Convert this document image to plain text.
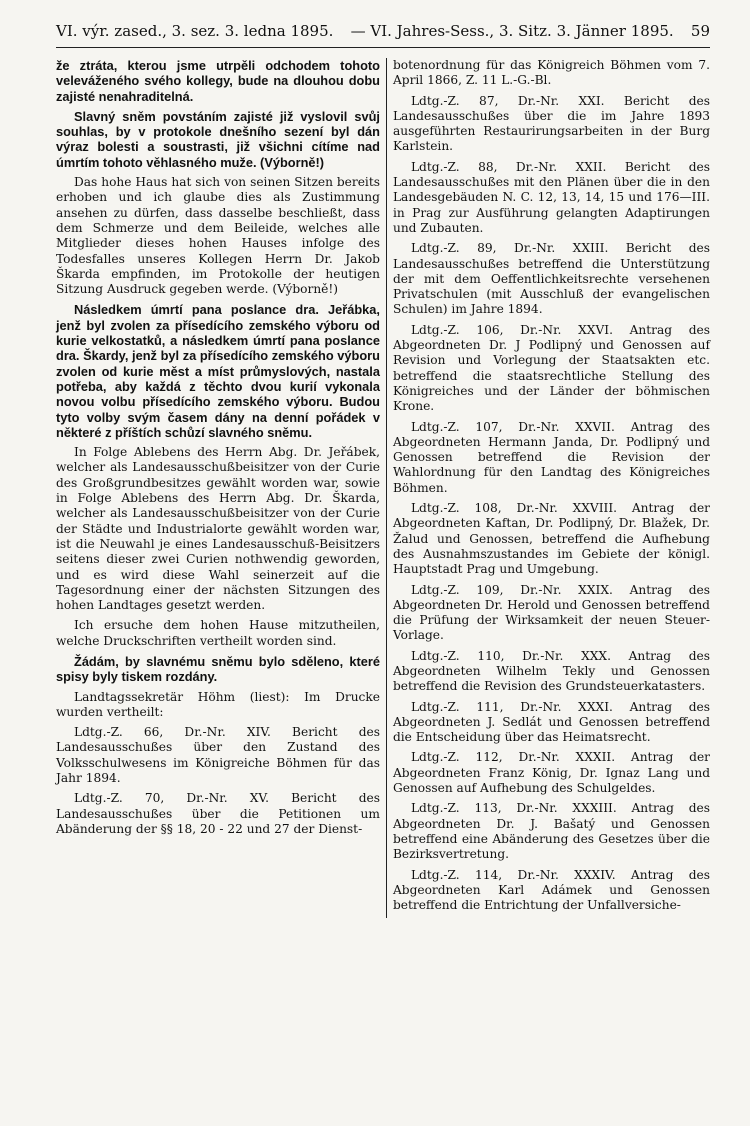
VI. výr. zased., 3. sez. 3. ledna 1895.	— VI. Jahres-Sess., 3. Sitz. 3. Jänner 1895.	59

že ztráta, kterou jsme utrpěli odchodem tohoto veleváženého svého kollegy, bude na dlouhou dobu zajisté nenahraditelná.

Slavný sněm povstáním zajisté již vyslovil svůj souhlas, by v protokole dnešního sezení byl dán výraz bolesti a soustrasti, již všichni cítíme nad úmrtím tohoto věhlasného muže. (Výborně!)

Das hohe Haus hat sich von seinen Sitzen bereits erhoben und ich glaube dies als Zustimmung ansehen zu dürfen, dass dasselbe beschließt, dass dem Schmerze und dem Beileide, welches alle Mitglieder dieses hohen Hauses infolge des Todesfalles unseres Kollegen Herrn Dr. Jakob Škarda empfinden, im Protokolle der heutigen Sitzung Ausdruck gegeben werde. (Výborně!)

Následkem úmrtí pana poslance dra. Jeřábka, jenž byl zvolen za přísedícího zemského výboru od kurie velkostatků, a následkem úmrtí pana poslance dra. Škardy, jenž byl za přísedícího zemského výboru zvolen od kurie měst a míst průmyslových, nastala potřeba, aby každá z těchto dvou kurií vykonala novou volbu přísedícího zemského výboru. Budou tyto volby svým časem dány na denní pořádek v některé z příštích schůzí slavného sněmu.

In Folge Ablebens des Herrn Abg. Dr. Jeřábek, welcher als Landesausschußbeisitzer von der Curie des Großgrundbesitzes gewählt worden war, sowie in Folge Ablebens des Herrn Abg. Dr. Škarda, welcher als Landesausschußbeisitzer von der Curie der Städte und Industrialorte gewählt worden war, ist die Neuwahl je eines Landesausschuß-Beisitzers seitens dieser zwei Curien nothwendig geworden, und es wird diese Wahl seinerzeit auf die Tagesordnung einer der nächsten Sitzungen des hohen Landtages gesetzt werden.

Ich ersuche dem hohen Hause mitzutheilen, welche Druckschriften vertheilt worden sind.

Žádám, by slavnému sněmu bylo sděleno, které spisy byly tiskem rozdány.

Landtagssekretär Höhm (liest): Im Drucke wurden vertheilt:

Ldtg.-Z. 66, Dr.-Nr. XIV. Bericht des Landesausschußes über den Zustand des Volksschulwesens im Königreiche Böhmen für das Jahr 1894.

Ldtg.-Z. 70, Dr.-Nr. XV. Bericht des Landesausschußes über die Petitionen um Abänderung der §§ 18, 20 - 22 und 27 der Dienst-

botenordnung für das Königreich Böhmen vom 7. April 1866, Z. 11 L.-G.-Bl.

Ldtg.-Z. 87, Dr.-Nr. XXI. Bericht des Landesausschußes über die im Jahre 1893 ausgeführten Restaurirungsarbeiten in der Burg Karlstein.

Ldtg.-Z. 88, Dr.-Nr. XXII. Bericht des Landesausschußes mit den Plänen über die in den Landesgebäuden N. C. 12, 13, 14, 15 und 176—III. in Prag zur Ausführung gelangten Adaptirungen und Zubauten.

Ldtg.-Z. 89, Dr.-Nr. XXIII. Bericht des Landesausschußes betreffend die Unterstützung der mit dem Oeffentlichkeitsrechte versehenen Privatschulen (mit Ausschluß der evangelischen Schulen) im Jahre 1894.

Ldtg.-Z. 106, Dr.-Nr. XXVI. Antrag des Abgeordneten Dr. J Podlipný und Genossen auf Revision und Vorlegung der Staatsakten etc. betreffend die staatsrechtliche Stellung des Königreiches und der Länder der böhmischen Krone.

Ldtg.-Z. 107, Dr.-Nr. XXVII. Antrag des Abgeordneten Hermann Janda, Dr. Podlipný und Genossen betreffend die Revision der Wahlordnung für den Landtag des Königreiches Böhmen.

Ldtg.-Z. 108, Dr.-Nr. XXVIII. Antrag der Abgeordneten Kaftan, Dr. Podlipný, Dr. Blažek, Dr. Žalud und Genossen, betreffend die Aufhebung des Ausnahmszustandes im Gebiete der königl. Hauptstadt Prag und Umgebung.

Ldtg.-Z. 109, Dr.-Nr. XXIX. Antrag des Abgeordneten Dr. Herold und Genossen betreffend die Prüfung der Wirksamkeit der neuen Steuer-Vorlage.

Ldtg.-Z. 110, Dr.-Nr. XXX. Antrag des Abgeordneten Wilhelm Tekly und Genossen betreffend die Revision des Grundsteuerkatasters.

Ldtg.-Z. 111, Dr.-Nr. XXXI. Antrag des Abgeordneten J. Sedlát und Genossen betreffend die Entscheidung über das Heimatsrecht.

Ldtg.-Z. 112, Dr.-Nr. XXXII. Antrag der Abgeordneten Franz König, Dr. Ignaz Lang und Genossen auf Aufhebung des Schulgeldes.

Ldtg.-Z. 113, Dr.-Nr. XXXIII. Antrag des Abgeordneten Dr. J. Bašatý und Genossen betreffend eine Abänderung des Gesetzes über die Bezirksvertretung.

Ldtg.-Z. 114, Dr.-Nr. XXXIV. Antrag des Abgeordneten Karl Adámek und Genossen betreffend die Entrichtung der Unfallversiche-
